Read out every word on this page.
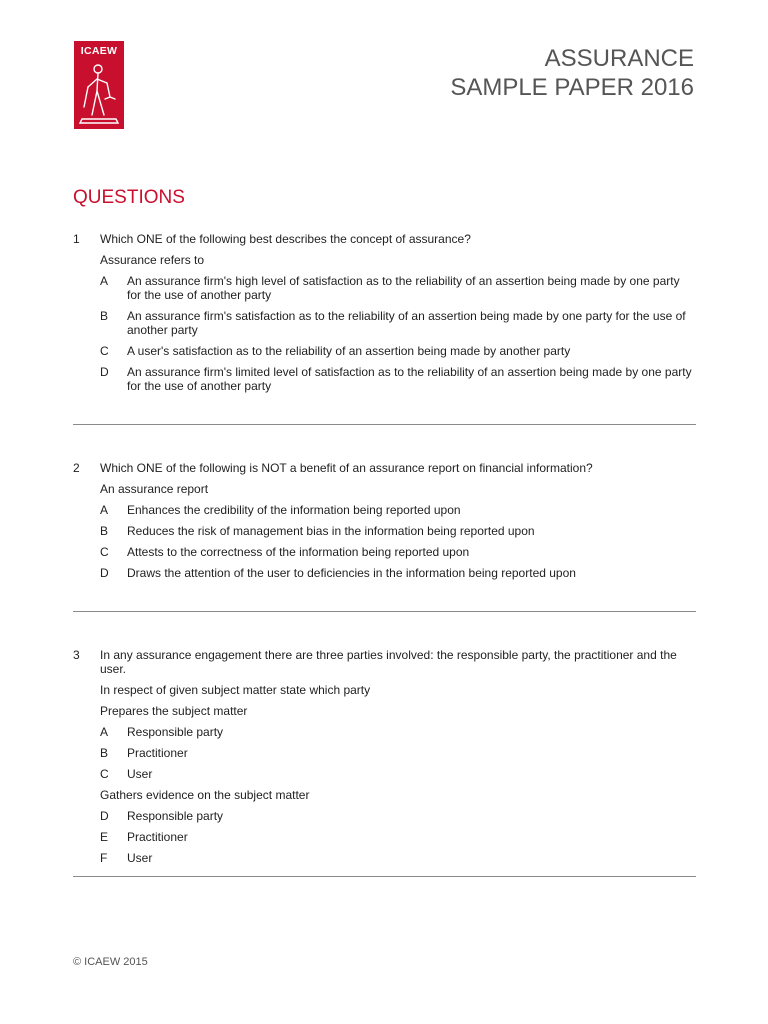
ICAEW	ASSURANCE
SAMPLE PAPER 2016
QUESTIONS
1 Which ONE of the following best describes the concept of assurance?
Assurance refers to
A An assurance firm's high level of satisfaction as to the reliability of an assertion being made by one party for the use of another party
B An assurance firm's satisfaction as to the reliability of an assertion being made by one party for the use of another party
C A user's satisfaction as to the reliability of an assertion being made by another party
D An assurance firm's limited level of satisfaction as to the reliability of an assertion being made by one party for the use of another party
2 Which ONE of the following is NOT a benefit of an assurance report on financial information?
An assurance report
A Enhances the credibility of the information being reported upon
B Reduces the risk of management bias in the information being reported upon
C Attests to the correctness of the information being reported upon
D Draws the attention of the user to deficiencies in the information being reported upon
3 In any assurance engagement there are three parties involved: the responsible party, the practitioner and the user.
In respect of given subject matter state which party
Prepares the subject matter
A Responsible party
B Practitioner
C User
Gathers evidence on the subject matter
D Responsible party
E Practitioner
F User
© ICAEW 2015
